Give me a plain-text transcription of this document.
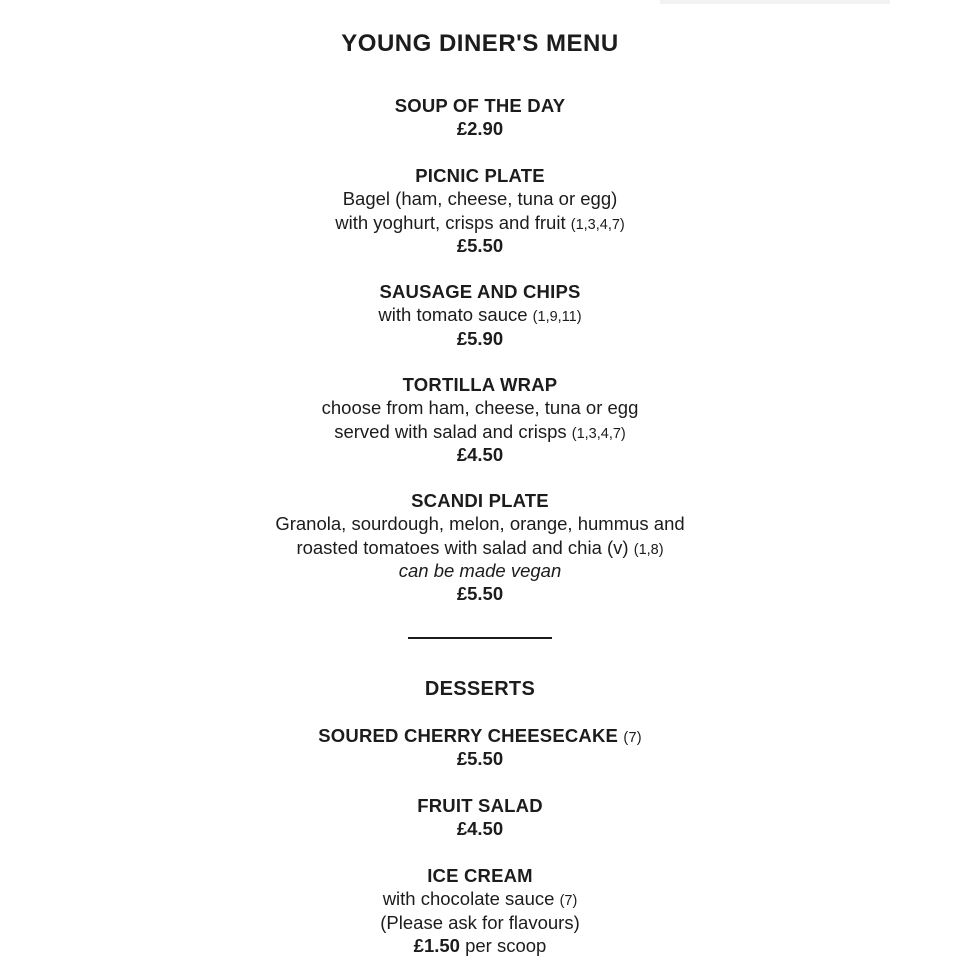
YOUNG DINER'S MENU
SOUP OF THE DAY
£2.90
PICNIC PLATE
Bagel (ham, cheese, tuna or egg)
with yoghurt, crisps and fruit (1,3,4,7)
£5.50
SAUSAGE AND CHIPS
with tomato sauce (1,9,11)
£5.90
TORTILLA WRAP
choose from ham, cheese, tuna or egg
served with salad and crisps (1,3,4,7)
£4.50
SCANDI PLATE
Granola, sourdough, melon, orange, hummus and
roasted tomatoes with salad and chia (v) (1,8)
can be made vegan
£5.50
DESSERTS
SOURED CHERRY CHEESECAKE (7)
£5.50
FRUIT SALAD
£4.50
ICE CREAM
with chocolate sauce (7)
(Please ask for flavours)
£1.50 per scoop
